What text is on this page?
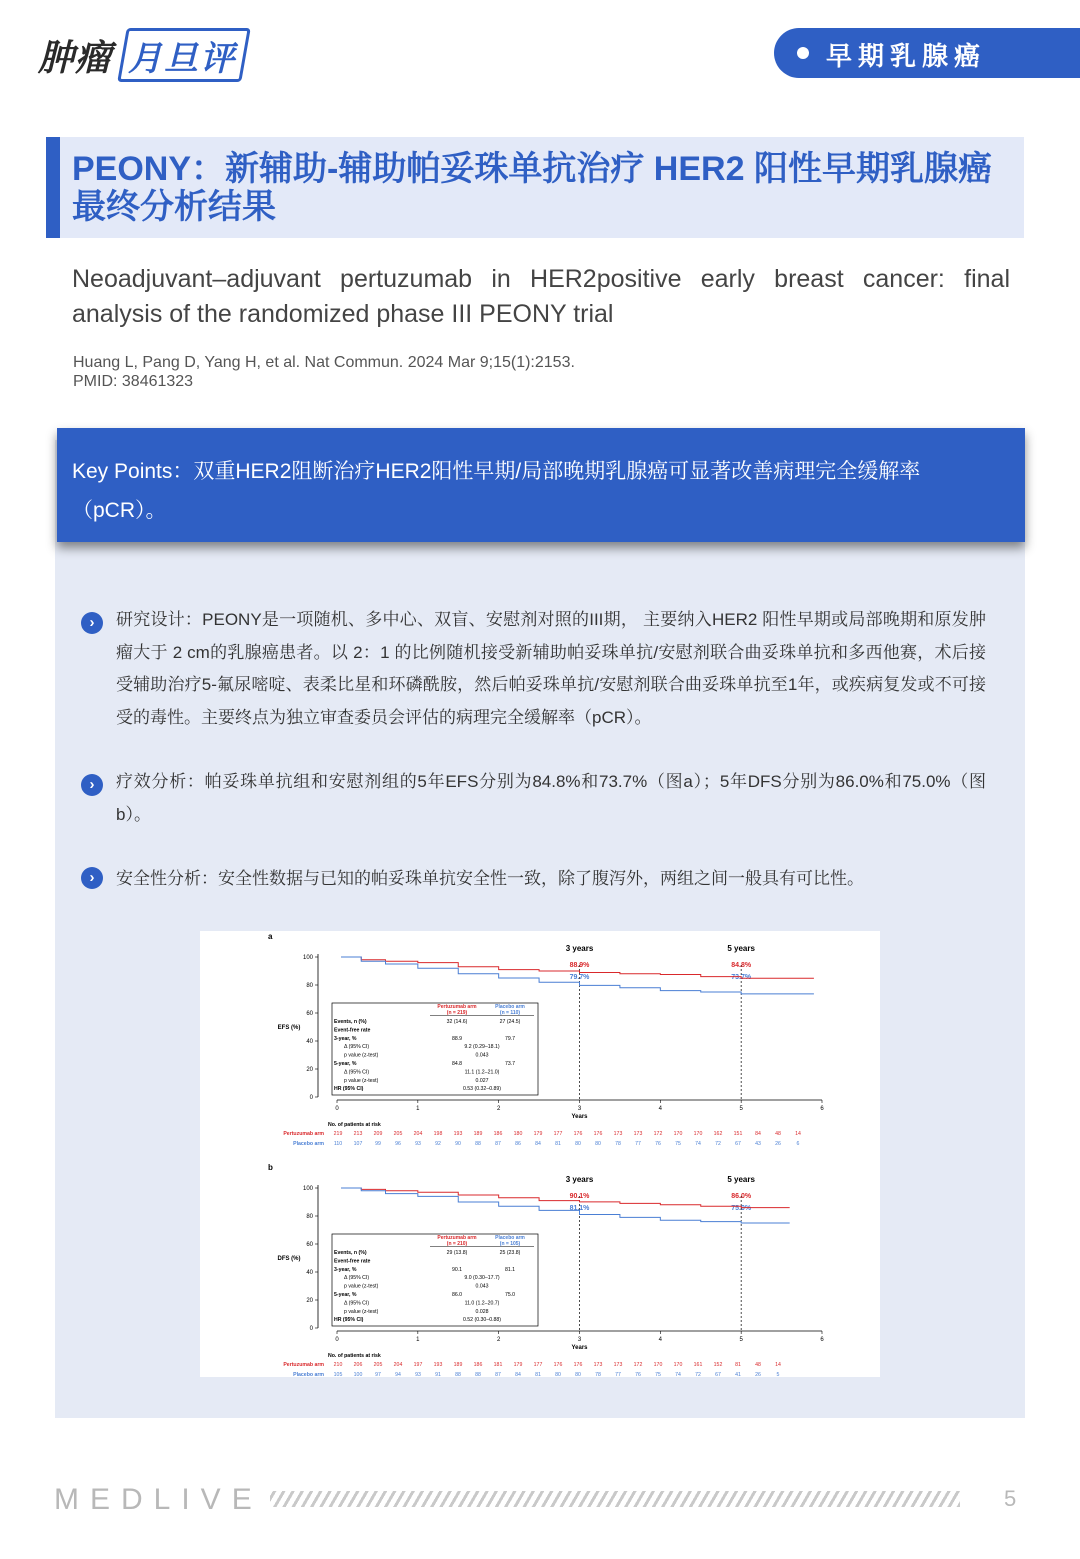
肿瘤 月旦评	早期乳腺癌
PEONY：新辅助-辅助帕妥珠单抗治疗 HER2 阳性早期乳腺癌最终分析结果
Neoadjuvant–adjuvant pertuzumab in HER2positive early breast cancer: final analysis of the randomized phase III PEONY trial
Huang L, Pang D, Yang H, et al. Nat Commun. 2024 Mar 9;15(1):2153.
PMID: 38461323
Key Points：双重HER2阻断治疗HER2阳性早期/局部晚期乳腺癌可显著改善病理完全缓解率（pCR）。
›	研究设计：PEONY是一项随机、多中心、双盲、安慰剂对照的III期， 主要纳入HER2 阳性早期或局部晚期和原发肿瘤大于 2 cm的乳腺癌患者。以 2：1 的比例随机接受新辅助帕妥珠单抗/安慰剂联合曲妥珠单抗和多西他赛，术后接受辅助治疗5-氟尿嘧啶、表柔比星和环磷酰胺，然后帕妥珠单抗/安慰剂联合曲妥珠单抗至1年，或疾病复发或不可接受的毒性。主要终点为独立审查委员会评估的病理完全缓解率（pCR）。
›	疗效分析：帕妥珠单抗组和安慰剂组的5年EFS分别为84.8%和73.7%（图a）；5年DFS分别为86.0%和75.0%（图b）。
›	安全性分析：安全性数据与已知的帕妥珠单抗安全性一致，除了腹泻外，两组之间一般具有可比性。
a
0
20
40
60
80
100
0	1	2	3	4	5	6
Years
EFS (%)
3 years
88.9%
79.7%
5 years
84.8%
73.7%
Pertuzumab arm
(n = 219)
Placebo arm
(n = 110)
Events, n (%)	32 (14.6)	27 (24.5)
Event-free rate
3-year, %	88.9	79.7
Δ (95% CI)	9.2 (0.29–18.1)
p value (z-test)	0.043
5-year, %	84.8	73.7
Δ (95% CI)	11.1 (1.2–21.0)
p value (z-test)	0.027
HR (95% CI)	0.53 (0.32–0.89)
No. of patients at risk
Pertuzumab arm 219 213 209 205 204 198 193 189 186 180 179 177 176 176 173 173 172 170 170 162 151 84	48	14
Placebo arm 110 107 99	96	93	92	90	88	87	86	84	81	80	80	78	77	76	75	74	72	67	43	26	6
b
0
20
40
60
80
100
0	1	2	3	4	5	6
Years
DFS (%)
3 years
90.1%
81.1%
5 years
86.0%
75.0%
Pertuzumab arm
(n = 210)
Placebo arm
(n = 105)
Events, n (%)	29 (13.8)	25 (23.8)
Event-free rate
3-year, %	90.1	81.1
Δ (95% CI)	9.0 (0.30–17.7)
p value (z-test)	0.043
5-year, %	86.0	75.0
Δ (95% CI)	11.0 (1.2–20.7)
p value (z-test)	0.028
HR (95% CI)	0.52 (0.30–0.88)
No. of patients at risk
Pertuzumab arm 210 206 205 204 197 193 189 186 181 179 177 176 176 173 173 172 170 170 161 152 81	48	14
Placebo arm 105 100 97	94	93	91	88	88	87	84	81	80	80	78	77	76	75	74	72	67	41	26	5
MEDLIVE	5
